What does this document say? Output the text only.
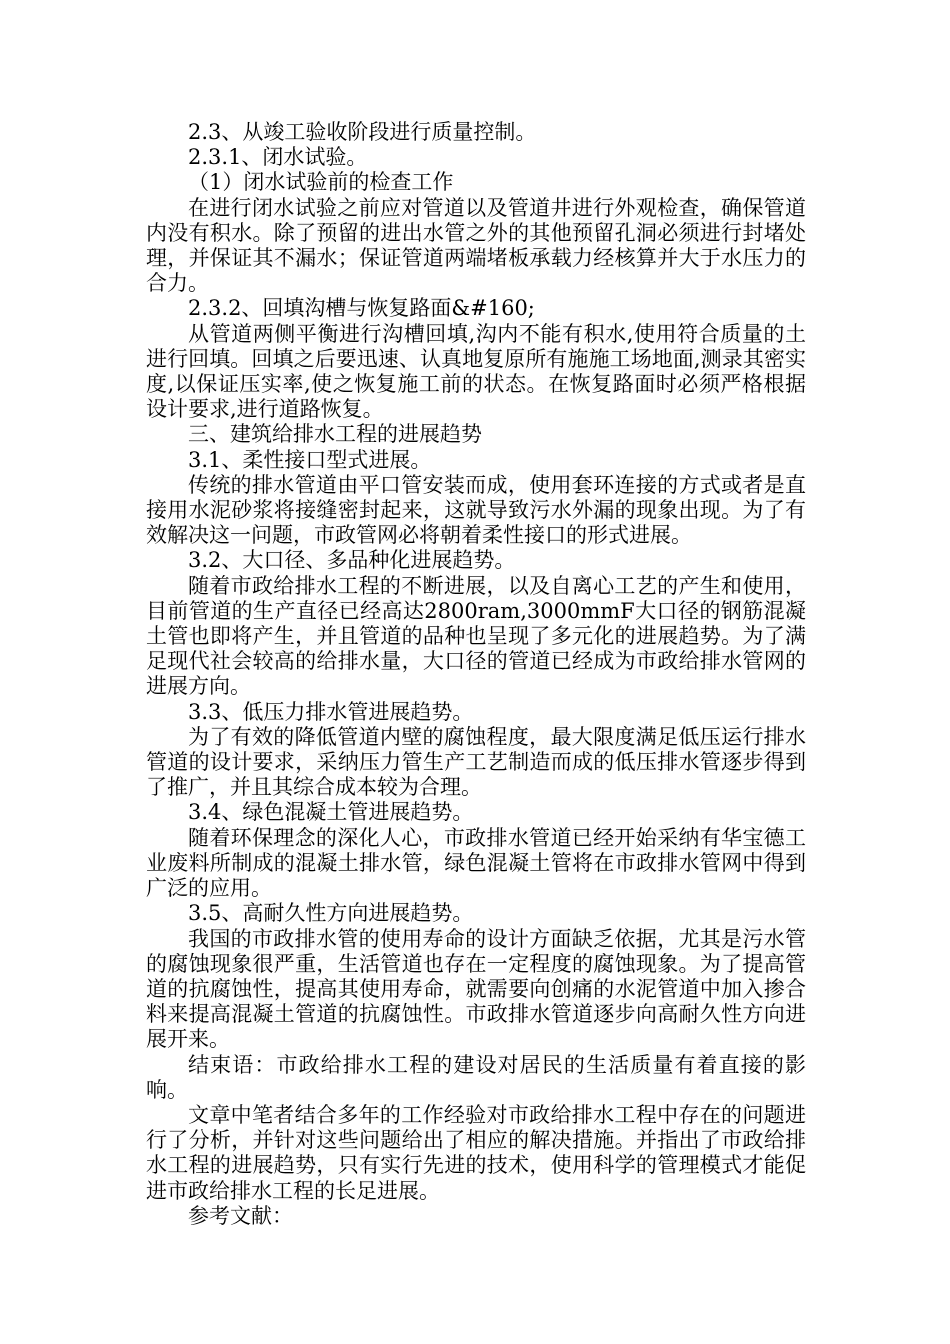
2.3、从竣工验收阶段进行质量控制。

2.3.1、闭水试验。

（1）闭水试验前的检查工作

在进行闭水试验之前应对管道以及管道井进行外观检查，确保管道内没有积水。除了预留的进出水管之外的其他预留孔洞必须进行封堵处理，并保证其不漏水；保证管道两端堵板承载力经核算并大于水压力的合力。

2.3.2、回填沟槽与恢复路面&#160;

从管道两侧平衡进行沟槽回填,沟内不能有积水,使用符合质量的土进行回填。回填之后要迅速、认真地复原所有施施工场地面,测录其密实度,以保证压实率,使之恢复施工前的状态。在恢复路面时必须严格根据设计要求,进行道路恢复。

三、建筑给排水工程的进展趋势

3.1、柔性接口型式进展。

传统的排水管道由平口管安装而成，使用套环连接的方式或者是直接用水泥砂浆将接缝密封起来，这就导致污水外漏的现象出现。为了有效解决这一问题，市政管网必将朝着柔性接口的形式进展。

3.2、大口径、多品种化进展趋势。

随着市政给排水工程的不断进展，以及自离心工艺的产生和使用，目前管道的生产直径已经高达2800ram,3000mmF大口径的钢筋混凝土管也即将产生，并且管道的品种也呈现了多元化的进展趋势。为了满足现代社会较高的给排水量，大口径的管道已经成为市政给排水管网的进展方向。

3.3、低压力排水管进展趋势。

为了有效的降低管道内壁的腐蚀程度，最大限度满足低压运行排水管道的设计要求，采纳压力管生产工艺制造而成的低压排水管逐步得到了推广，并且其综合成本较为合理。

3.4、绿色混凝土管进展趋势。

随着环保理念的深化人心，市政排水管道已经开始采纳有华宝德工业废料所制成的混凝土排水管，绿色混凝土管将在市政排水管网中得到广泛的应用。

3.5、高耐久性方向进展趋势。

我国的市政排水管的使用寿命的设计方面缺乏依据，尤其是污水管的腐蚀现象很严重，生活管道也存在一定程度的腐蚀现象。为了提高管道的抗腐蚀性，提高其使用寿命，就需要向创痛的水泥管道中加入掺合料来提高混凝土管道的抗腐蚀性。市政排水管道逐步向高耐久性方向进展开来。

结束语：市政给排水工程的建设对居民的生活质量有着直接的影响。

文章中笔者结合多年的工作经验对市政给排水工程中存在的问题进行了分析，并针对这些问题给出了相应的解决措施。并指出了市政给排水工程的进展趋势，只有实行先进的技术，使用科学的管理模式才能促进市政给排水工程的长足进展。

参考文献：
